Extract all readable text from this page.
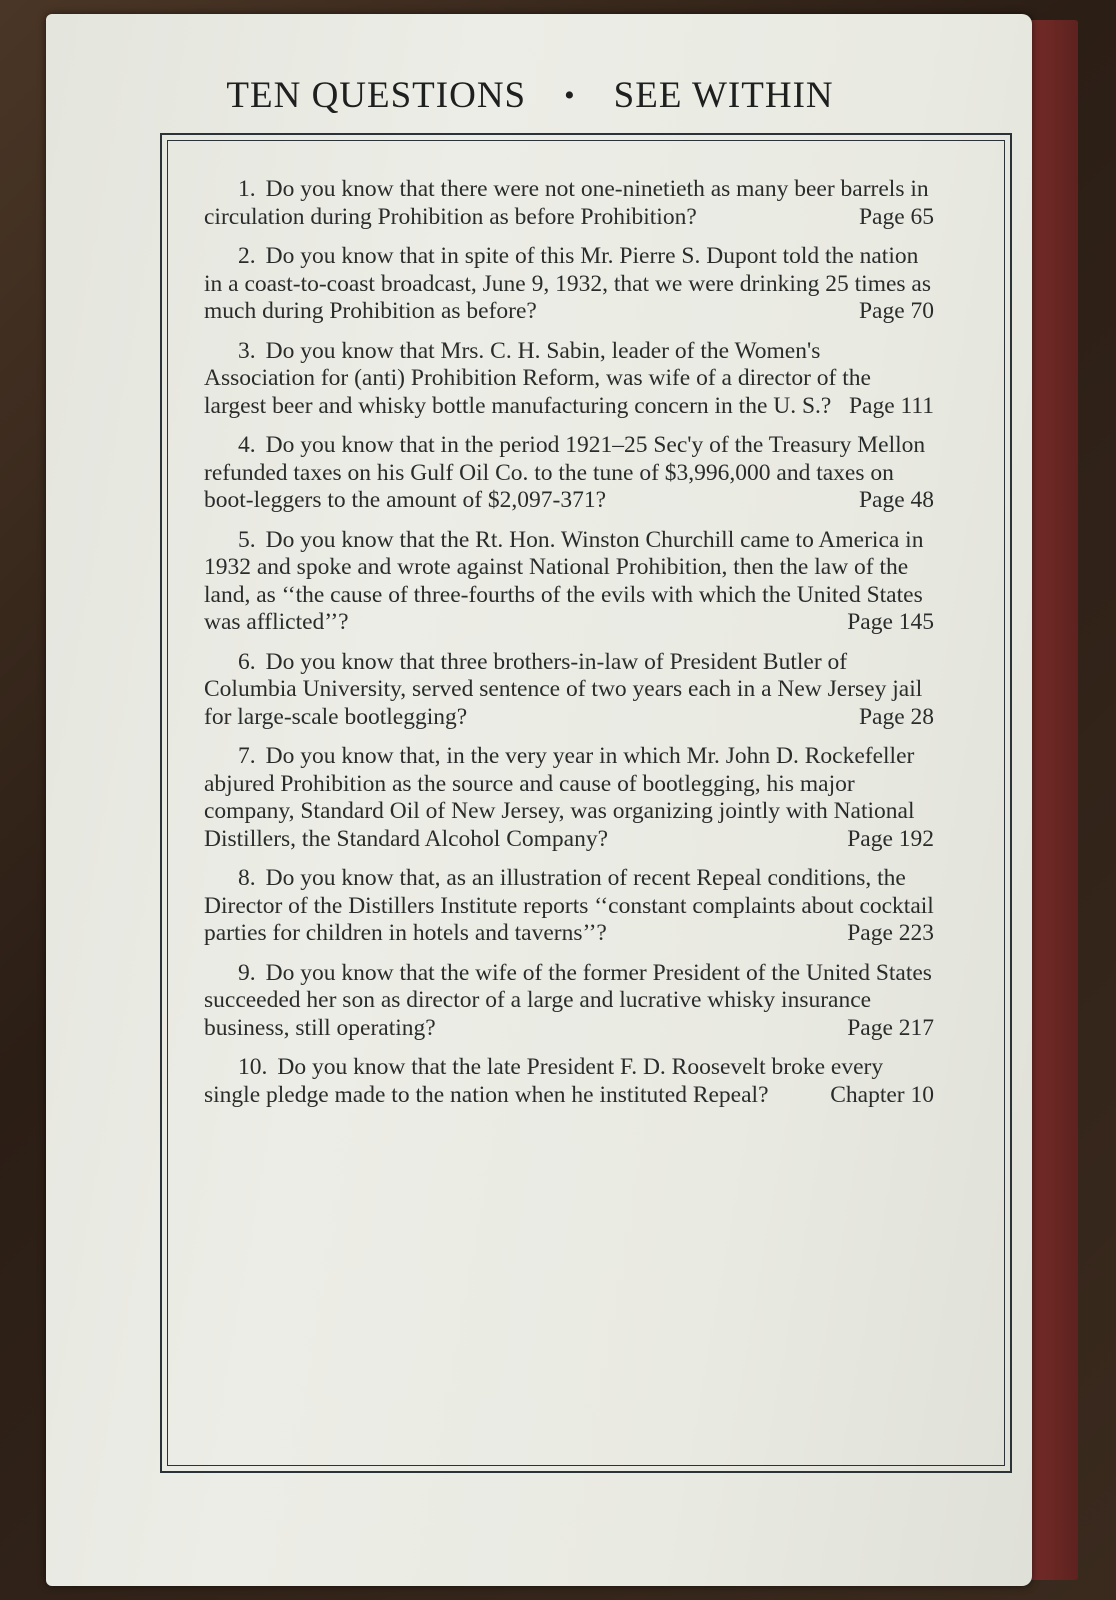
TEN QUESTIONS • SEE WITHIN
1. Do you know that there were not one-ninetieth as many beer barrels in circulation during Prohibition as before Prohibition?	Page 65
2. Do you know that in spite of this Mr. Pierre S. Dupont told the nation in a coast-to-coast broadcast, June 9, 1932, that we were drinking 25 times as much during Prohibition as before?	Page 70
3. Do you know that Mrs. C. H. Sabin, leader of the Women's Association for (anti) Prohibition Reform, was wife of a director of the largest beer and whisky bottle manufacturing concern in the U. S.? Page 111
4. Do you know that in the period 1921–25 Sec'y of the Treasury Mellon refunded taxes on his Gulf Oil Co. to the tune of $3,996,000 and taxes on boot-leggers to the amount of $2,097-371?	Page 48
5. Do you know that the Rt. Hon. Winston Churchill came to America in 1932 and spoke and wrote against National Prohibition, then the law of the land, as ‘‘the cause of three-fourths of the evils with which the United States was afflicted’’?	Page 145
6. Do you know that three brothers-in-law of President Butler of Columbia University, served sentence of two years each in a New Jersey jail for large-scale bootlegging?	Page 28
7. Do you know that, in the very year in which Mr. John D. Rockefeller abjured Prohibition as the source and cause of bootlegging, his major company, Standard Oil of New Jersey, was organizing jointly with National Distillers, the Standard Alcohol Company?	Page 192
8. Do you know that, as an illustration of recent Repeal conditions, the Director of the Distillers Institute reports ‘‘constant complaints about cocktail parties for children in hotels and taverns’’?	Page 223
9. Do you know that the wife of the former President of the United States succeeded her son as director of a large and lucrative whisky insurance business, still operating?	Page 217
10. Do you know that the late President F. D. Roosevelt broke every single pledge made to the nation when he instituted Repeal?	Chapter 10
